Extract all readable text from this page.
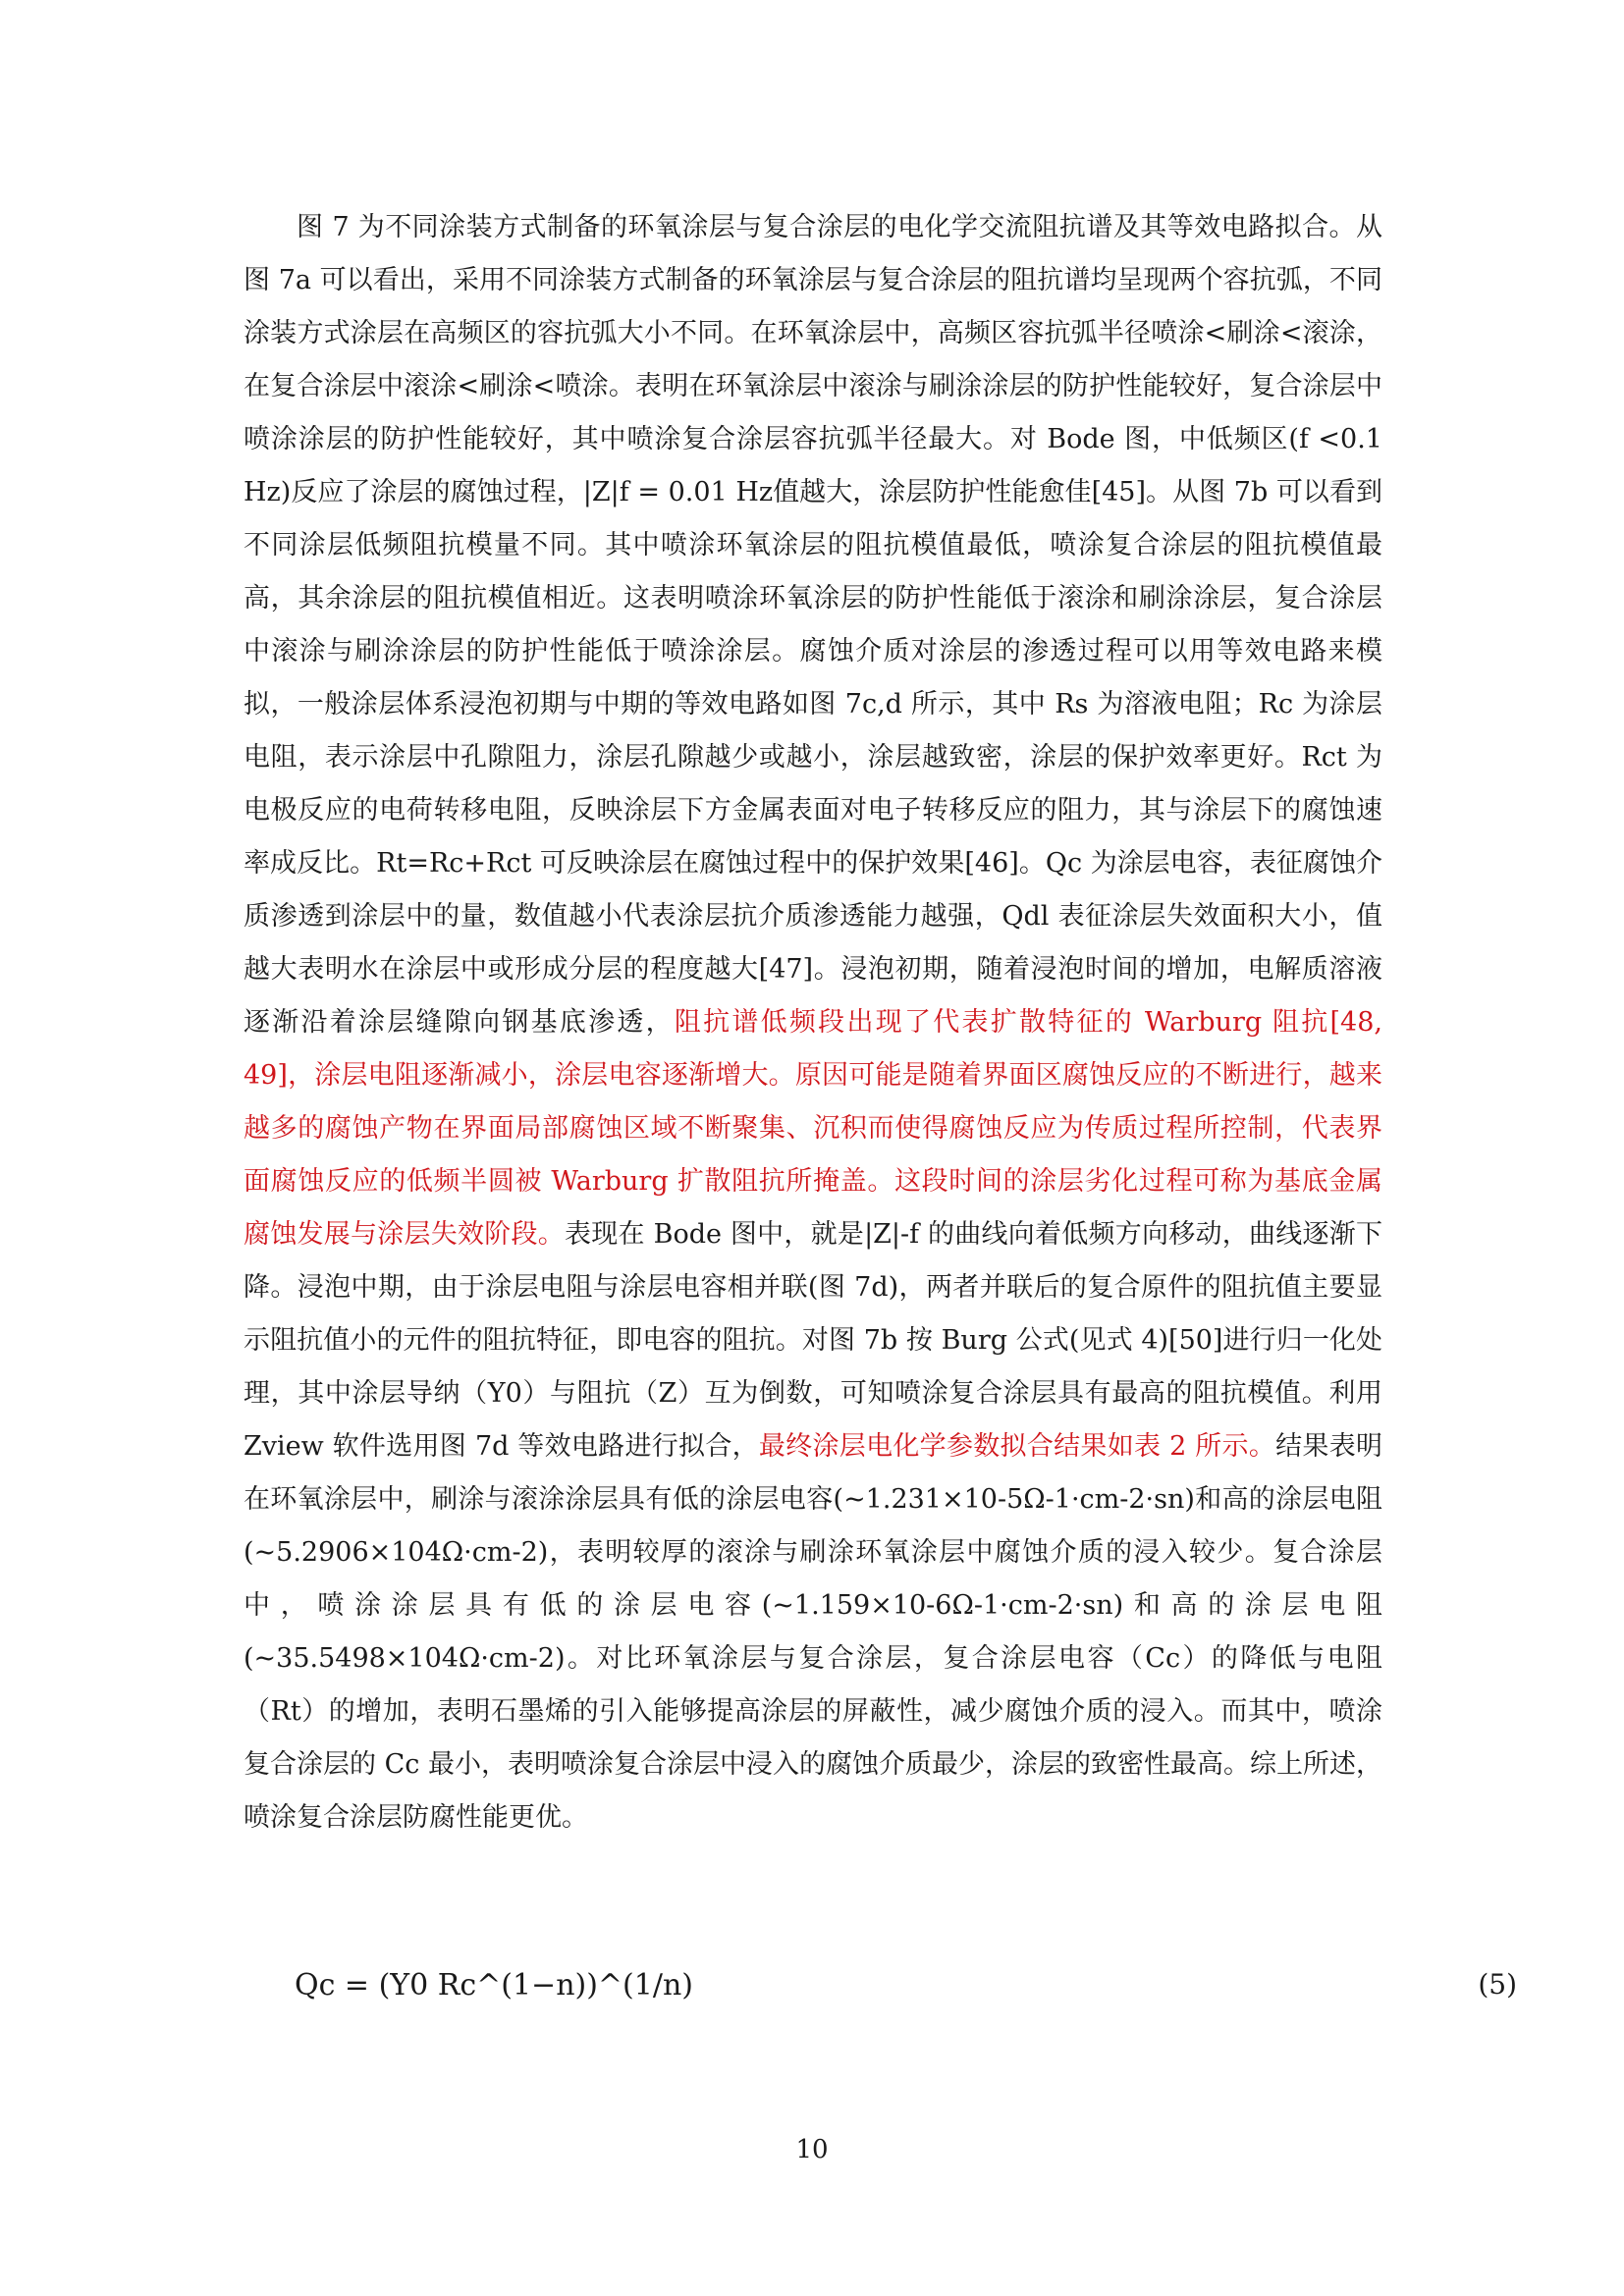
图 7 为不同涂装方式制备的环氧涂层与复合涂层的电化学交流阻抗谱及其等效电路拟合。从图 7a 可以看出，采用不同涂装方式制备的环氧涂层与复合涂层的阻抗谱均呈现两个容抗弧，不同涂装方式涂层在高频区的容抗弧大小不同。在环氧涂层中，高频区容抗弧半径喷涂<刷涂<滚涂，在复合涂层中滚涂<刷涂<喷涂。表明在环氧涂层中滚涂与刷涂涂层的防护性能较好，复合涂层中喷涂涂层的防护性能较好，其中喷涂复合涂层容抗弧半径最大。对 Bode 图，中低频区(f <0.1 Hz)反应了涂层的腐蚀过程，|Z|f = 0.01 Hz值越大，涂层防护性能愈佳[45]。从图 7b 可以看到不同涂层低频阻抗模量不同。其中喷涂环氧涂层的阻抗模值最低，喷涂复合涂层的阻抗模值最高，其余涂层的阻抗模值相近。这表明喷涂环氧涂层的防护性能低于滚涂和刷涂涂层，复合涂层中滚涂与刷涂涂层的防护性能低于喷涂涂层。腐蚀介质对涂层的渗透过程可以用等效电路来模拟，一般涂层体系浸泡初期与中期的等效电路如图 7c,d 所示，其中 Rs 为溶液电阻；Rc 为涂层电阻，表示涂层中孔隙阻力，涂层孔隙越少或越小，涂层越致密，涂层的保护效率更好。Rct 为电极反应的电荷转移电阻，反映涂层下方金属表面对电子转移反应的阻力，其与涂层下的腐蚀速率成反比。Rt=Rc+Rct 可反映涂层在腐蚀过程中的保护效果[46]。Qc 为涂层电容，表征腐蚀介质渗透到涂层中的量，数值越小代表涂层抗介质渗透能力越强，Qdl 表征涂层失效面积大小，值越大表明水在涂层中或形成分层的程度越大[47]。浸泡初期，随着浸泡时间的增加，电解质溶液逐渐沿着涂层缝隙向钢基底渗透，阻抗谱低频段出现了代表扩散特征的 Warburg 阻抗[48, 49]，涂层电阻逐渐减小，涂层电容逐渐增大。原因可能是随着界面区腐蚀反应的不断进行，越来越多的腐蚀产物在界面局部腐蚀区域不断聚集、沉积而使得腐蚀反应为传质过程所控制，代表界面腐蚀反应的低频半圆被 Warburg 扩散阻抗所掩盖。这段时间的涂层劣化过程可称为基底金属腐蚀发展与涂层失效阶段。表现在 Bode 图中，就是|Z|-f 的曲线向着低频方向移动，曲线逐渐下降。浸泡中期，由于涂层电阻与涂层电容相并联(图 7d)，两者并联后的复合原件的阻抗值主要显示阻抗值小的元件的阻抗特征，即电容的阻抗。对图 7b 按 Burg 公式(见式 4)[50]进行归一化处理，其中涂层导纳（Y0）与阻抗（Z）互为倒数，可知喷涂复合涂层具有最高的阻抗模值。利用 Zview 软件选用图 7d 等效电路进行拟合，最终涂层电化学参数拟合结果如表 2 所示。结果表明在环氧涂层中，刷涂与滚涂涂层具有低的涂层电容(~1.231×10-5Ω-1·cm-2·sn)和高的涂层电阻(~5.2906×104Ω·cm-2)，表明较厚的滚涂与刷涂环氧涂层中腐蚀介质的浸入较少。复合涂层中，喷涂涂层具有低的涂层电容(~1.159×10-6Ω-1·cm-2·sn)和高的涂层电阻(~35.5498×104Ω·cm-2)。对比环氧涂层与复合涂层，复合涂层电容（Cc）的降低与电阻（Rt）的增加，表明石墨烯的引入能够提高涂层的屏蔽性，减少腐蚀介质的浸入。而其中，喷涂复合涂层的 Cc 最小，表明喷涂复合涂层中浸入的腐蚀介质最少，涂层的致密性最高。综上所述，喷涂复合涂层防腐性能更优。

Qc = (Y0 Rc^(1−n))^(1/n)	(5)
10
